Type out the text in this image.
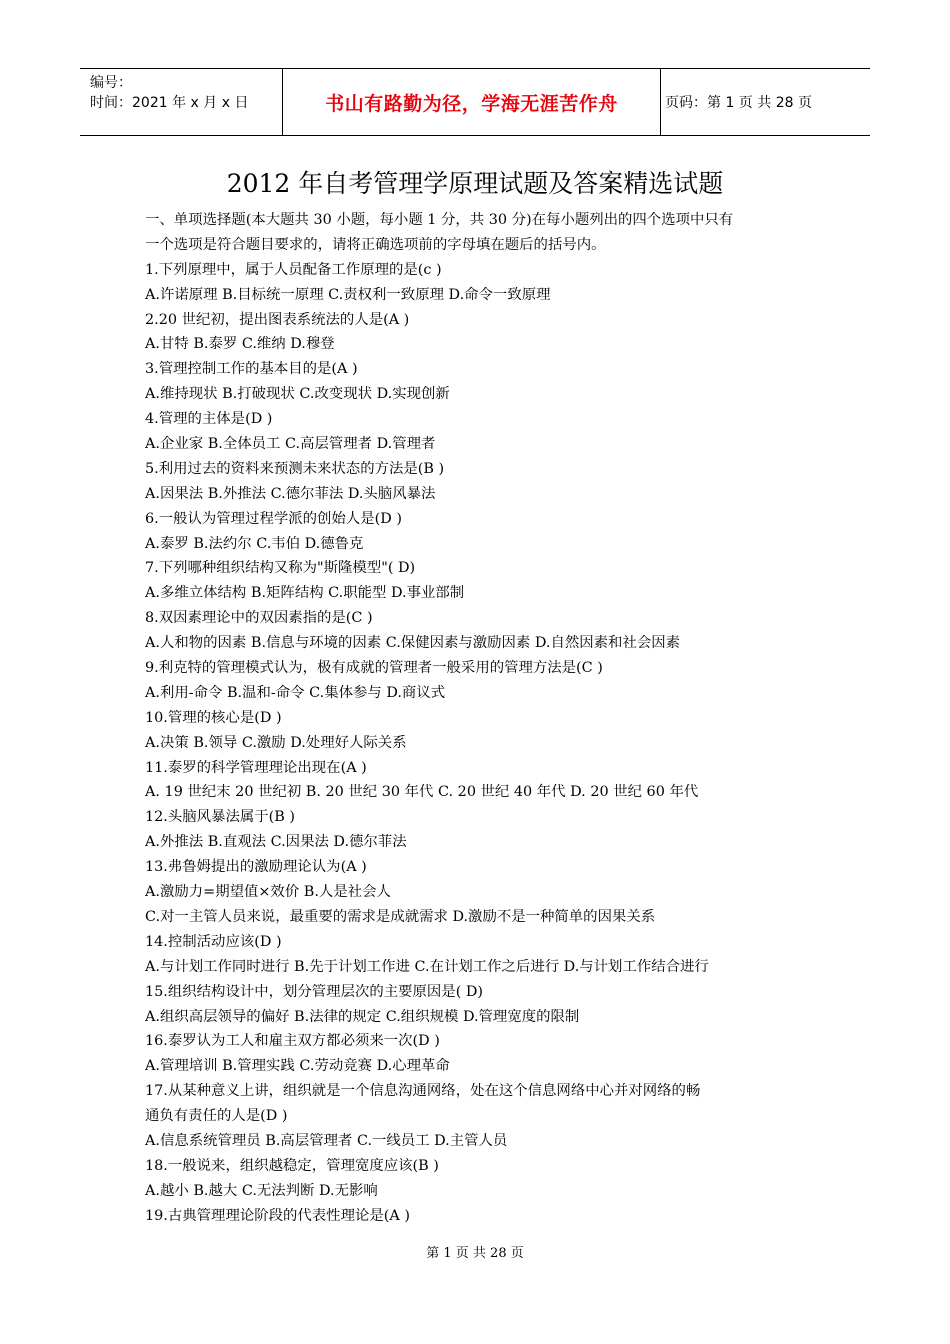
编号：
时间：2021 年 x 月 x 日	书山有路勤为径，学海无涯苦作舟	页码：第 1 页 共 28 页
2012 年自考管理学原理试题及答案精选试题
一、单项选择题(本大题共 30 小题，每小题 1 分，共 30 分)在每小题列出的四个选项中只有
一个选项是符合题目要求的，请将正确选项前的字母填在题后的括号内。
1.下列原理中，属于人员配备工作原理的是(c )
A.许诺原理 B.目标统一原理 C.责权利一致原理 D.命令一致原理
2.20 世纪初，提出图表系统法的人是(A )
A.甘特 B.泰罗 C.维纳 D.穆登
3.管理控制工作的基本目的是(A )
A.维持现状 B.打破现状 C.改变现状 D.实现创新
4.管理的主体是(D )
A.企业家 B.全体员工 C.高层管理者 D.管理者
5.利用过去的资料来预测未来状态的方法是(B )
A.因果法 B.外推法 C.德尔菲法 D.头脑风暴法
6.一般认为管理过程学派的创始人是(D )
A.泰罗 B.法约尔 C.韦伯 D.德鲁克
7.下列哪种组织结构又称为"斯隆模型"( D)
A.多维立体结构 B.矩阵结构 C.职能型 D.事业部制
8.双因素理论中的双因素指的是(C )
A.人和物的因素 B.信息与环境的因素 C.保健因素与激励因素 D.自然因素和社会因素
9.利克特的管理模式认为，极有成就的管理者一般采用的管理方法是(C )
A.利用-命令 B.温和-命令 C.集体参与 D.商议式
10.管理的核心是(D )
A.决策 B.领导 C.激励 D.处理好人际关系
11.泰罗的科学管理理论出现在(A )
A. 19 世纪末 20 世纪初 B. 20 世纪 30 年代 C. 20 世纪 40 年代 D. 20 世纪 60 年代
12.头脑风暴法属于(B )
A.外推法 B.直观法 C.因果法 D.德尔菲法
13.弗鲁姆提出的激励理论认为(A )
A.激励力=期望值×效价 B.人是社会人
C.对一主管人员来说，最重要的需求是成就需求 D.激励不是一种简单的因果关系
14.控制活动应该(D )
A.与计划工作同时进行 B.先于计划工作进 C.在计划工作之后进行 D.与计划工作结合进行
15.组织结构设计中，划分管理层次的主要原因是( D)
A.组织高层领导的偏好 B.法律的规定 C.组织规模 D.管理宽度的限制
16.泰罗认为工人和雇主双方都必须来一次(D )
A.管理培训 B.管理实践 C.劳动竞赛 D.心理革命
17.从某种意义上讲，组织就是一个信息沟通网络，处在这个信息网络中心并对网络的畅
通负有责任的人是(D )
A.信息系统管理员 B.高层管理者 C.一线员工 D.主管人员
18.一般说来，组织越稳定，管理宽度应该(B )
A.越小 B.越大 C.无法判断 D.无影响
19.古典管理理论阶段的代表性理论是(A )
第 1 页 共 28 页
